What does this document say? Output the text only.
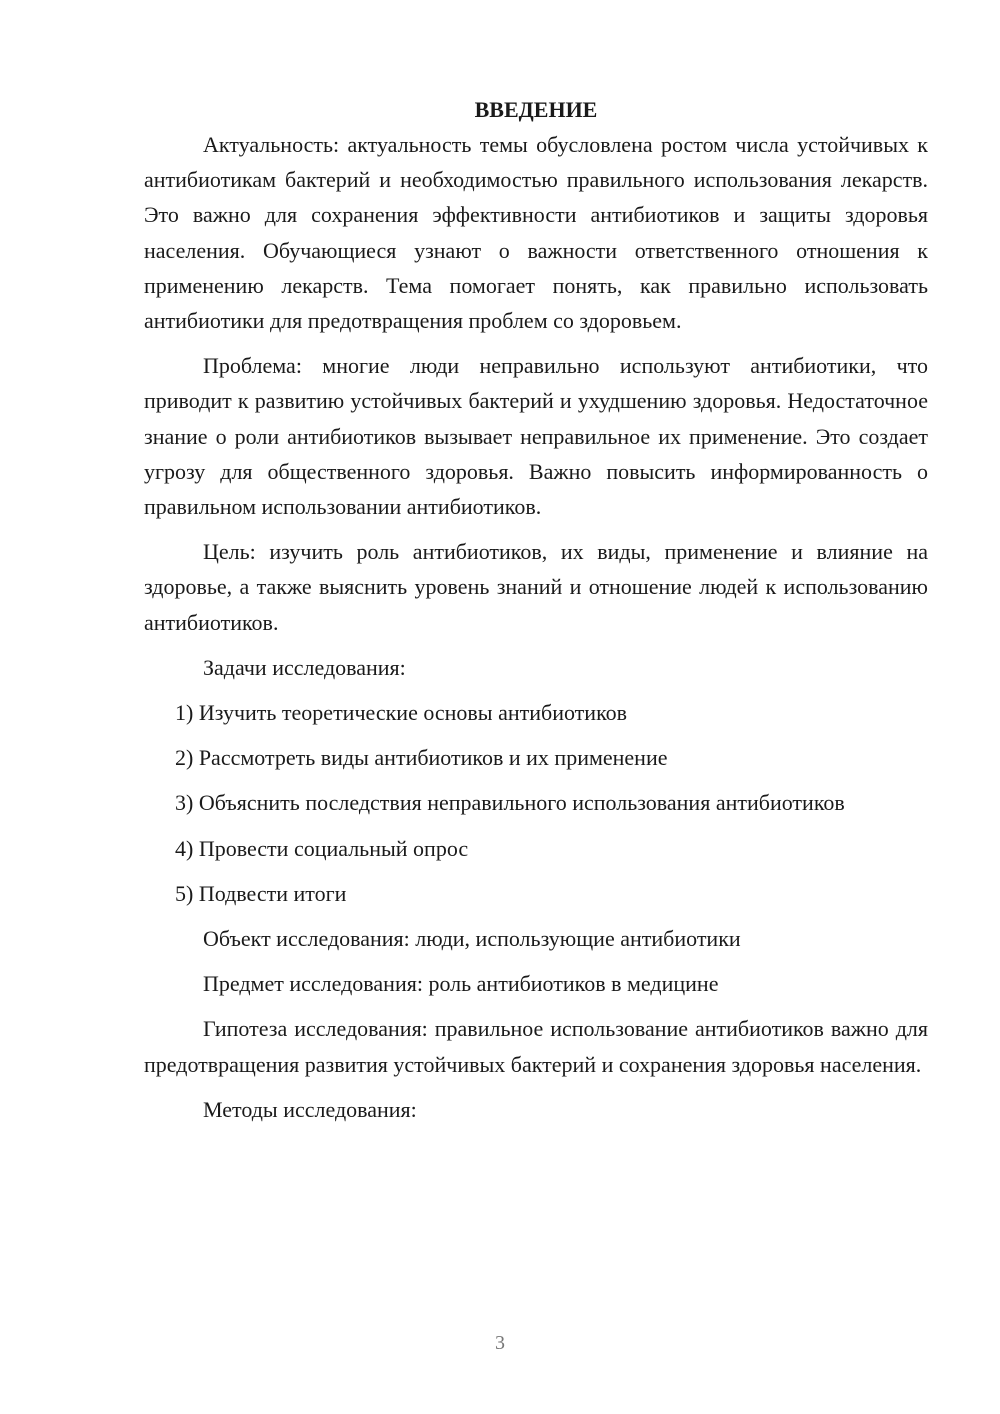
ВВЕДЕНИЕ

Актуальность: актуальность темы обусловлена ростом числа устойчивых к антибиотикам бактерий и необходимостью правильного использования лекарств. Это важно для сохранения эффективности антибиотиков и защиты здоровья населения. Обучающиеся узнают о важности ответственного отношения к применению лекарств. Тема помогает понять, как правильно использовать антибиотики для предотвращения проблем со здоровьем.

Проблема: многие люди неправильно используют антибиотики, что приводит к развитию устойчивых бактерий и ухудшению здоровья. Недостаточное знание о роли антибиотиков вызывает неправильное их применение. Это создает угрозу для общественного здоровья. Важно повысить информированность о правильном использовании антибиотиков.

Цель: изучить роль антибиотиков, их виды, применение и влияние на здоровье, а также выяснить уровень знаний и отношение людей к использованию антибиотиков.

Задачи исследования:

1) Изучить теоретические основы антибиотиков

2) Рассмотреть виды антибиотиков и их применение

3) Объяснить последствия неправильного использования антибиотиков

4) Провести социальный опрос

5) Подвести итоги

Объект исследования: люди, использующие антибиотики

Предмет исследования: роль антибиотиков в медицине

Гипотеза исследования: правильное использование антибиотиков важно для предотвращения развития устойчивых бактерий и сохранения здоровья населения.

Методы исследования:

3
